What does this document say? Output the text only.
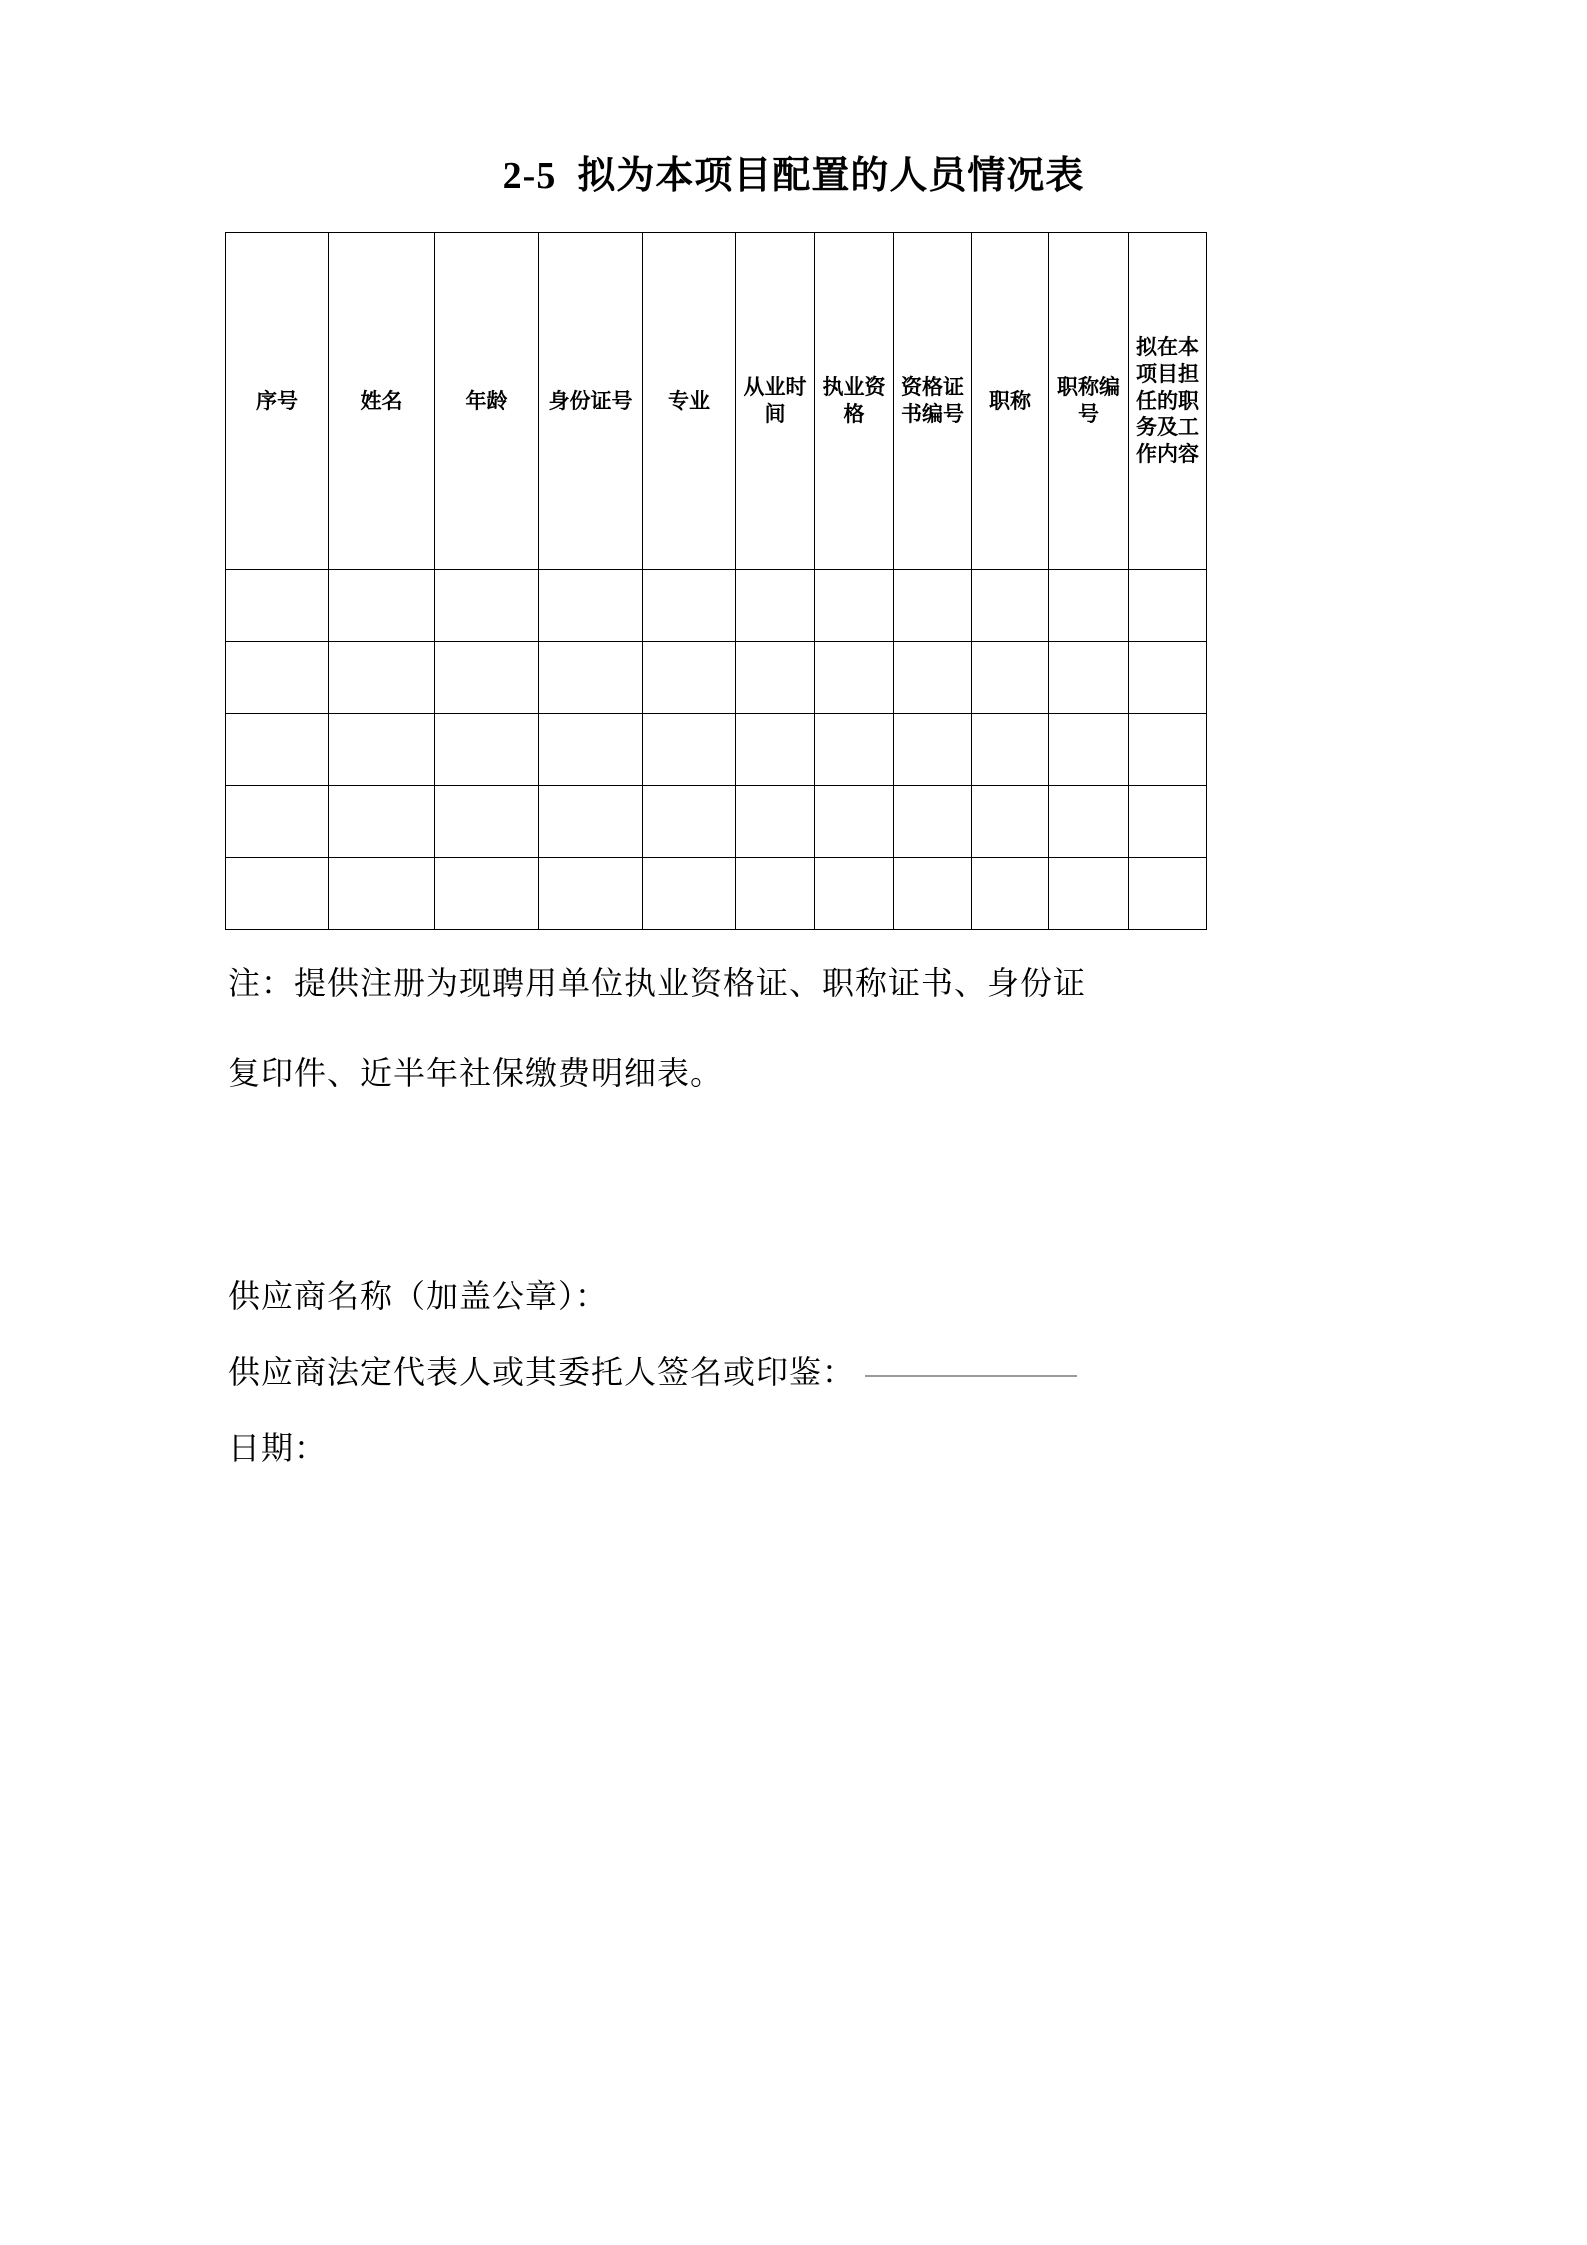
2-5  拟为本项目配置的人员情况表
序号	姓名	年龄	身份证号	专业	从业时间	执业资格	资格证书编号	职称	职称编号	拟在本项目担任的职务及工作内容

注：提供注册为现聘用单位执业资格证、职称证书、身份证
复印件、近半年社保缴费明细表。
供应商名称（加盖公章）：
供应商法定代表人或其委托人签名或印鉴：
日期：
